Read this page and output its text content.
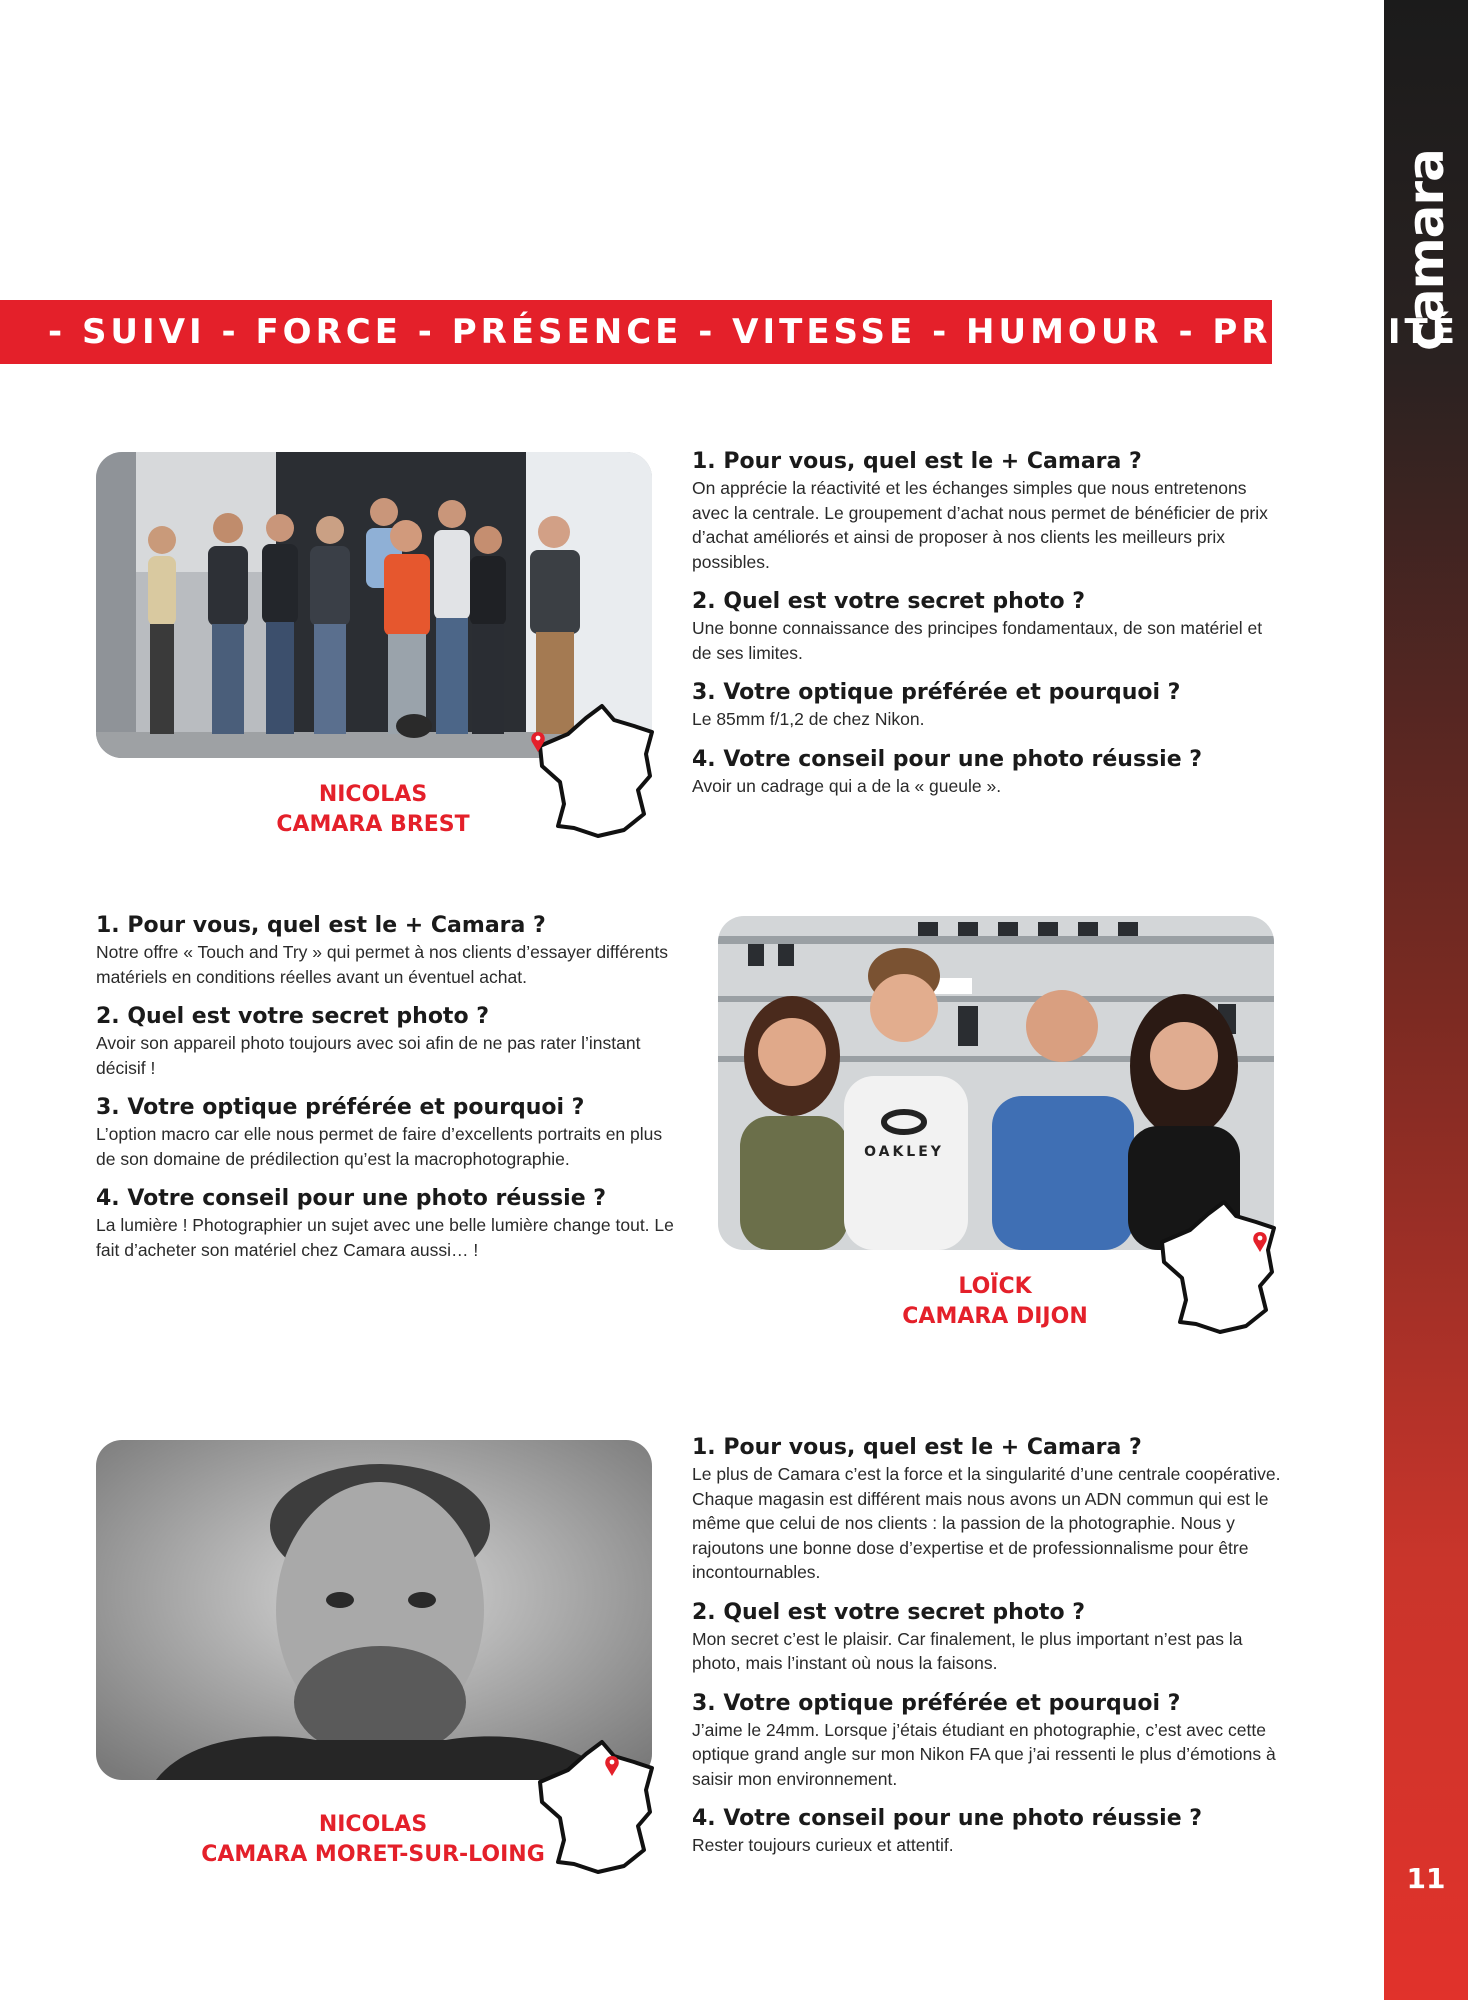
camara
11
- SUIVI - FORCE - PRÉSENCE - VITESSE - HUMOUR - PROXIMITÉ
NICOLAS
CAMARA BREST

1. Pour vous, quel est le + Camara ?

On apprécie la réactivité et les échanges simples que nous entretenons avec la centrale. Le groupement d’achat nous permet de bénéficier de prix d’achat améliorés et ainsi de proposer à nos clients les meilleurs prix possibles.

2. Quel est votre secret photo ?

Une bonne connaissance des principes fondamentaux, de son matériel et de ses limites.

3. Votre optique préférée et pourquoi ?

Le 85mm f/1,2 de chez Nikon.

4. Votre conseil pour une photo réussie ?

Avoir un cadrage qui a de la « gueule ».

1. Pour vous, quel est le + Camara ?

Notre offre « Touch and Try » qui permet à nos clients d’essayer différents matériels en conditions réelles avant un éventuel achat.

2. Quel est votre secret photo ?

Avoir son appareil photo toujours avec soi afin de ne pas rater l’instant décisif !

3. Votre optique préférée et pourquoi ?

L’option macro car elle nous permet de faire d’excellents portraits en plus de son domaine de prédilection qu’est la macrophotographie.

4. Votre conseil pour une photo réussie ?

La lumière ! Photographier un sujet avec une belle lumière change tout. Le fait d’acheter son matériel chez Camara aussi… !

OAKLEY
LOÏCK
CAMARA DIJON
NICOLAS
CAMARA MORET-SUR-LOING

1. Pour vous, quel est le + Camara ?

Le plus de Camara c’est la force et la singularité d’une centrale coopérative. Chaque magasin est différent mais nous avons un ADN commun qui est le même que celui de nos clients : la passion de la photographie. Nous y rajoutons une bonne dose d’expertise et de professionnalisme pour être incontournables.

2. Quel est votre secret photo ?

Mon secret c’est le plaisir. Car finalement, le plus important n’est pas la photo, mais l’instant où nous la faisons.

3. Votre optique préférée et pourquoi ?

J’aime le 24mm. Lorsque j’étais étudiant en photographie, c’est avec cette optique grand angle sur mon Nikon FA que j’ai ressenti le plus d’émotions à saisir mon environnement.

4. Votre conseil pour une photo réussie ?

Rester toujours curieux et attentif.
